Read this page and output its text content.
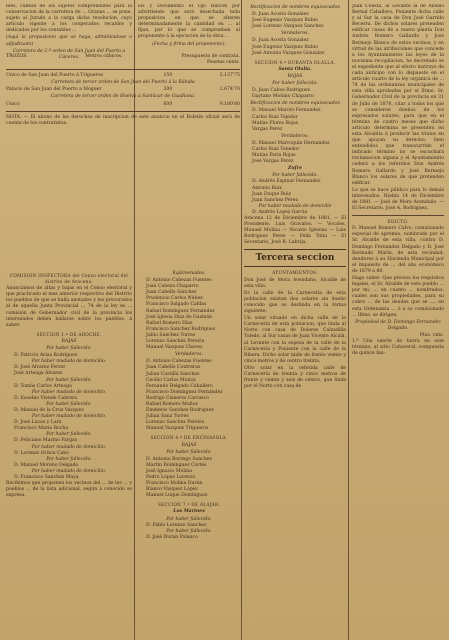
bles, cabeza de los sujetos comprendidos para la conservacion de la carretera de ... Granas ... se pone, sujeto al Jurado a la carga dicha resolucion, cuyo articulo vigente a los cooperados recaidos y dedicados por los contables ...

(Aqui la proposicion que se haga, admitiendose o adjudicado)

Carretera de 2.ª orden de San Juan del Puerto a Cáceres.

los y Documento el Ojo Rincón por advirtiendo que será desechada toda proposicion en que se alteren determinadamente la cantidad en ... al fijan, por lo que se comprueban al proponente á la ejecución de la obra...

(Fecha y firma del proponente).

TROZOS.	Metros cúbicos.	Presupuesto de contrata. Pesetas cents.
Unico de San Juan del Puerto á Trigueros	150	2.137'75

Carretera de tercer orden de San Juan del Puerto á la Rábida

Palacio de San Juan del Puerto a Moguer	200	2.674'70

Carretera de tercer orden de Huelva á Sanlúcar de Guadiana.

Unico	600	9.180'80

NOTA. — El abono de las derechos de inscripcion de este anuncio en el Boletín oficial será de cuenta de los contratistas.

COMISION INSPECTORA del Censo electoral del distrito de Aracena.

Anunciamos de altas y bajas en el Censo electoral y que practicado el mes anterior respectivo del Distrito los pueblos de que se halla anotados y los procurados al de aquella Junta Provincial ... 74 de la ley se ... comisión de Gobernador civil de la provincia los interesados deben hallarse sobre los pueblos, á saber:

SECCION 1.ª DE AROCHE.

BAJAS

Por haber fallecido.

D. Patricio Arias Rodríguez
Por haber mudado de domicilio.
D. José Alvarez Ferrer
José Arteaga Álvarez
Por haber fallecido.
D. Tomás Carlos Arteaga
Por haber mudado de domicilio.
D. Eusebio Viende Cabrera
Por haber fallecido.
D. Manuel de la Cruz Vazquez
Por haber mudado de domicilio.
D. José Lucas y Lara
Francisco Maria Rocha
Por haber fallecido.
D. Feliciano Marino Fargas
Por haber mudado de domicilio.
D. Lorenzo Ochoa Cabo
Por haber fallecido.
D. Manuel Moreno Delgado
Por haber mudado de domicilio.
D. Francisco Sanchez Maya

Recibimos que proponen los vecinos del ... de los ... y pueblos ... de la lista adicional, según á conocido se expresa.

Eqüimenados.

D. Antonio Cabezas Fuentes
Juan Cabeza Chaparro
Juan Cabello Sánchez
Prudencio Carlos Núñez
Francisco Salgado Caldas
Rafael Domínguez Fernández
José Iglesia Díaz de Guzmán
Rafael Romero Díaz
Francisco Sanchez Rodríguez
Jullio Sanchez Torres
Lorenzo Sanchez Pereira
Manuel Vazquez Chaves

Verdaderos.

D. Antonio Cabezas Fuentes
Juan Cabello Contreras
Julian Castilla Sanchez
Cecilio Carlos Muñoz
Fernando Delgado Caballero
Francisco Domínguez Fernández
Rodrigo Cisneros Carrasco
Rafael Romero Muñoz
Emeterio Sanchez Rodríguez
Julian Sanz Torres
Lorenzo Sanchez Pereira
Manuel Vazquez Trigueros

SECCION 4.ª DE ENCINASOLA.

BAJAS

Por haber fallecido.

D. Antonio Borrego Sanchez
Martin Domínguez Cortés
José Ignacio Molina
Pedro López Lorenzo
Francisco Molina Durán
Blanco Vazquez López
Manuel Luque Domínguez

SECCION 7.ª DE ALAJAR.

Los Marines

Por haber fallecido.
D. Pablo Lorenzo Sanchez
Por haber fallecido.
D. José Duran Polanco

Rectificacion de nombres equivocados

D. Juan Acosta González
José Eugenio Vazquez Rubio
José Lorenzo Vazquez Sanchez

Verdaderos.

D. Juan Acosta Gonzalez
José Eugenio Vazquez Rubio
José Antonio Vazquez Gonzalez

SECCION 9.ª DURANTA OLALLA.

Santa Olalla.

BAJAS

Por haber fallecido.

D. Juan Cabos Rodríguez
Gaytano Moñino Chaparro

Rectificacion de nombres equivocados

D. Manuel Maroto Fernandez
Carlos Ruiz Tejedor
Matías Flores Rojas
Vargas Perez

Verdaderos.

D. Manuel Marroquin Hernandez
Carlos Ruiz Tenedor
Matías Feria Rojas
José Vargas Perez

Zufre

Por haber fallecido.
D. Andrés Espinar Fernandez
Antonio Ruiz
Juan Duque Ruiz
Juan Sanchez Pérez
Por haber mudado de domicilio
D. Andrés Lopez Garcia

Aracena 12 de Diciembre de 1881. — El Presidente, Luis Gravalos. — Vocales, Manuel Molina — Nicasio Iglesias — Luis Rodriguez Perez — Felix Toliu — El Secretario, José R. Labrija.

Tercera seccion

AYUNTAMIENTOS.

Don José de Mora Avendaño, Alcalde de esta villa.

Es la calle de la Carnecería de esta poblacion existen dos solares sin dueño conocido que se deslinda en la forma siguiente:

Un solar situado en dicha calle de la Carnecería de esta poblacion, que linda al Norte con casa de Dolores Calzadilla Toledo, al Sur casas de Juan Vicente Alcalá, al Levante con la espesa de la calle de la Carnecería y Poniente con la calle de la Ribera. Dicho solar mide de frente veinte y cinco metros y de centro treinta.

Otro solar en la referida calle de Carnecería de treinta y cinco metros de frente y veinte y seis de centro, que linda por el Norte con casa de

Juan Cuesta, al Levante la de Alonso Bernal Caballero, Poniente dicha calle y al Sur la casa de Don José Garrido Becerra. De dichos solares pretenden edificar casas de a nueva planta Don Andrés Romero Gallardo y José Bermejo Blanco de estos vecinos; y en virtud de las atribuciones que concede a los Ayuntamientos las leyes de la novisima recopilacion, he decretado se el expediente que al efecto instruyo de cada anticipo con lo dispuesto en el articulo cuarto de la ley orgánica de ... 74 de las ordenanzas municipales de esta villa aprobadas por el Iltmo. Sr. Gobernador Civil de la provincia en 31 de Julio de 1878, citar a todos los que se consideren dueños de los expresados solares, para que en el término de cuatro meses que dicho articulo determina se presenten en esta Alcaldía á producir las títulos en que apoyan su derecho; bien entendidos que transcurrido el indicado término no se escuchará reclamacion alguna y el Ayuntamiento cederá a los referidos Don Andrés Romero Gallardo y José Bermejo Blanco los solares de que pretenden edificar.

Lo que se hace público para lo demás interesados. Niebla 14 de Diciembre de 1881. — José de Mora Avendaño. — El Secretario, José A. Rodriguez.

EDICTO.

D. Manuel Romero Calvo, comisionado especial de apremio, nombrado por el Sr. Alcalde de esta villa, contra D. Domingo Fernandez Delgado y D. José Bermudo Marín, de esta vecindad, deudores á su Hacienda Municipal por el impuesto de ... del año económico de 1879 á 80.

Hago saber: Que previos los requisitos legales, el Sr. Alcalde de este pueblo ... por mi, ... en cuanto ... nombrados, cuales son sus propiedades, para su cobro ... de las deudas que se ..., en esta Ordenanza ... ó a su comisionado ... Iltmo. se dirigen.

Propiedad de D. Domingo Fernandez Delgado.

Ptas. cnts.

1.ª Una suerte de tierra en este término, al sitio Cañaveral, compuesta de quince fan-
